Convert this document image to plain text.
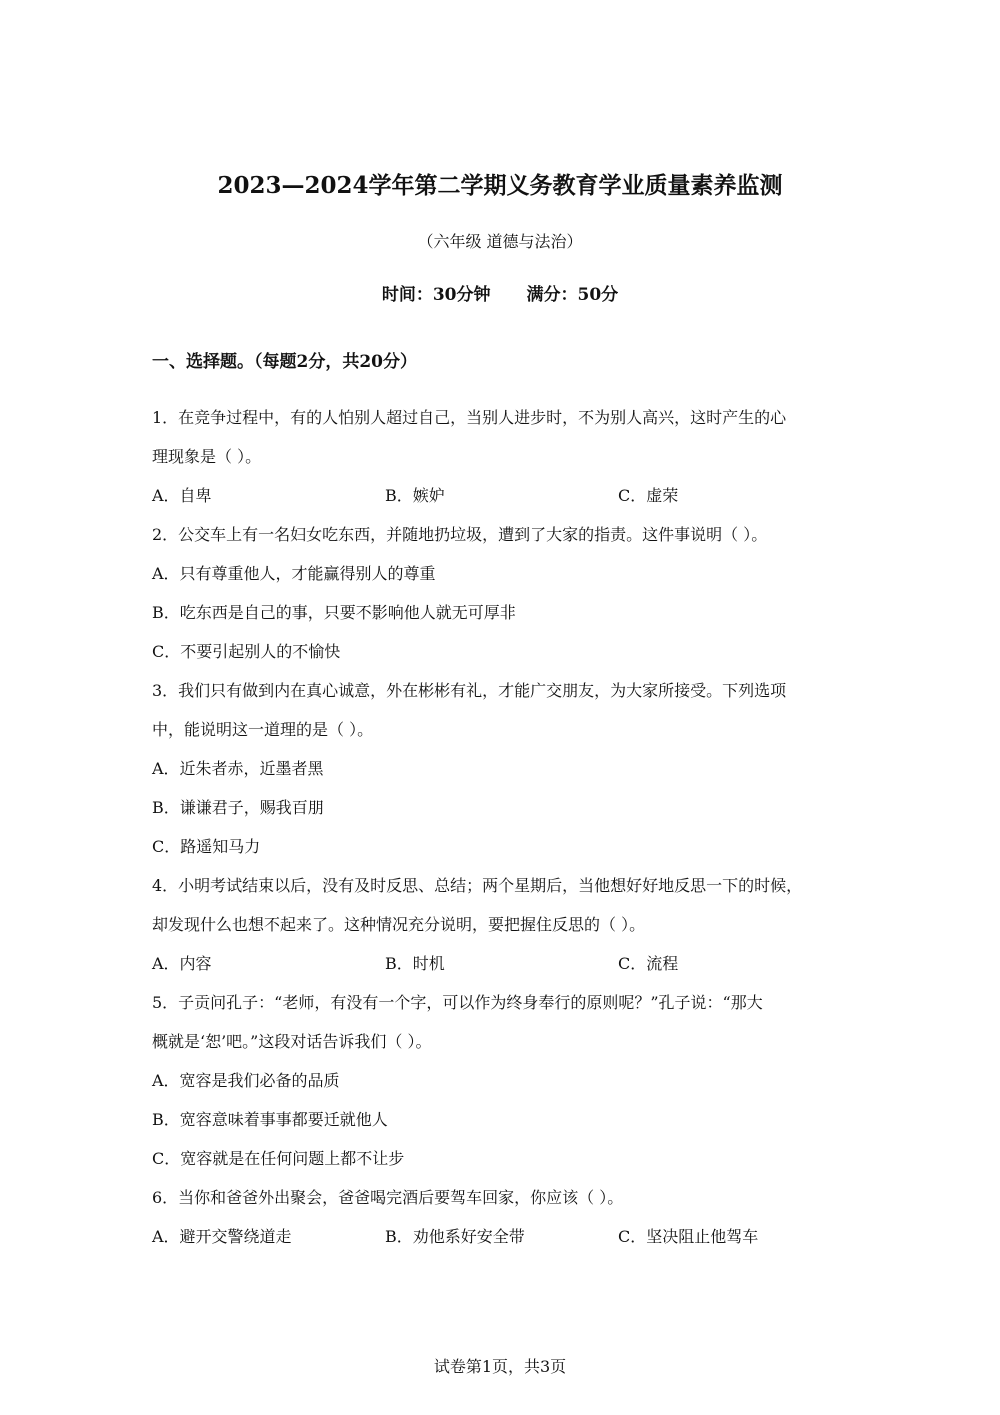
2023—2024学年第二学期义务教育学业质量素养监测
（六年级 道德与法治）
时间：30分钟 满分：50分
一、选择题。（每题2分，共20分）
1．在竞争过程中，有的人怕别人超过自己，当别人进步时，不为别人高兴，这时产生的心
理现象是（ ）。
A．自卑	B．嫉妒	C．虚荣
2．公交车上有一名妇女吃东西，并随地扔垃圾，遭到了大家的指责。这件事说明（ ）。
A．只有尊重他人，才能赢得别人的尊重
B．吃东西是自己的事，只要不影响他人就无可厚非
C．不要引起别人的不愉快
3．我们只有做到内在真心诚意，外在彬彬有礼，才能广交朋友，为大家所接受。下列选项
中，能说明这一道理的是（ ）。
A．近朱者赤，近墨者黑
B．谦谦君子，赐我百朋
C．路遥知马力
4．小明考试结束以后，没有及时反思、总结；两个星期后，当他想好好地反思一下的时候，
却发现什么也想不起来了。这种情况充分说明，要把握住反思的（ ）。
A．内容	B．时机	C．流程
5．子贡问孔子：“老师，有没有一个字，可以作为终身奉行的原则呢？”孔子说：“那大
概就是‘恕’吧。”这段对话告诉我们（ ）。
A．宽容是我们必备的品质
B．宽容意味着事事都要迁就他人
C．宽容就是在任何问题上都不让步
6．当你和爸爸外出聚会，爸爸喝完酒后要驾车回家，你应该（ ）。
A．避开交警绕道走	B．劝他系好安全带	C．坚决阻止他驾车
试卷第1页，共3页
